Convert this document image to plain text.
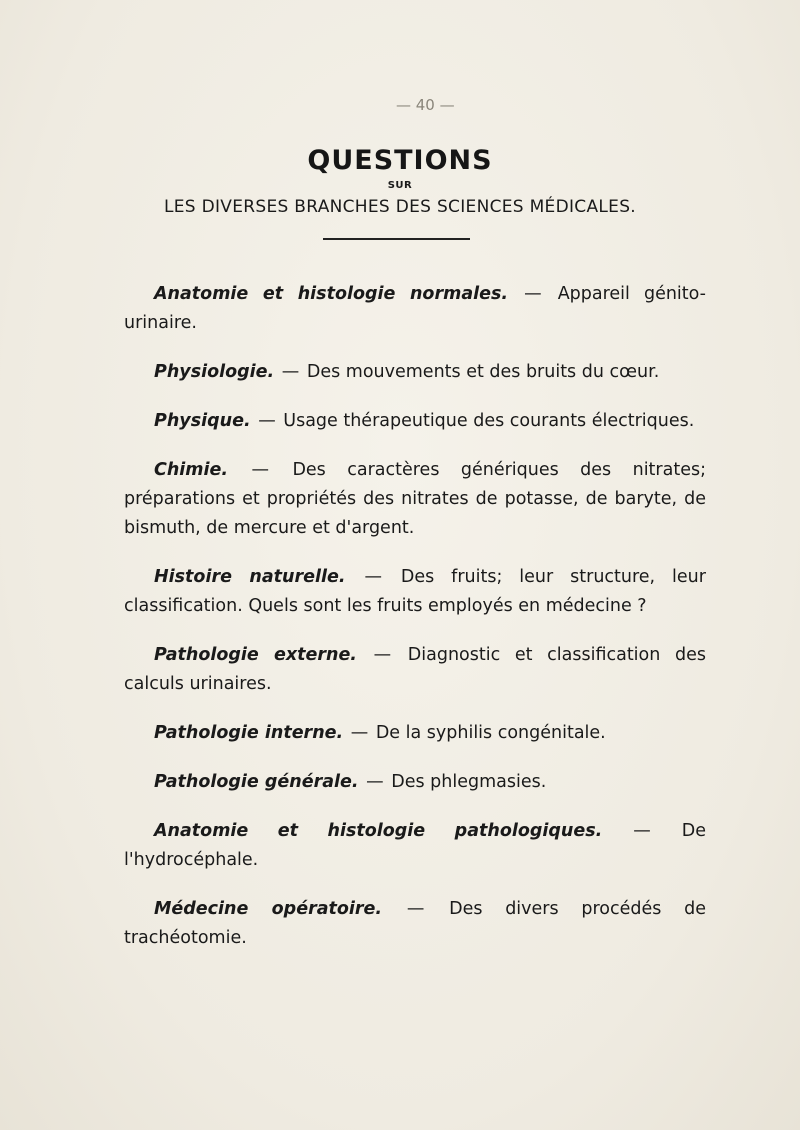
— 40 —
QUESTIONS
SUR
LES DIVERSES BRANCHES DES SCIENCES MÉDICALES.

Anatomie et histologie normales. — Appareil génito-urinaire.

Physiologie. — Des mouvements et des bruits du cœur.

Physique. — Usage thérapeutique des courants électriques.

Chimie. — Des caractères génériques des nitrates; préparations et propriétés des nitrates de potasse, de baryte, de bismuth, de mercure et d'argent.

Histoire naturelle. — Des fruits; leur structure, leur classification. Quels sont les fruits employés en médecine ?

Pathologie externe. — Diagnostic et classification des calculs urinaires.

Pathologie interne. — De la syphilis congénitale.

Pathologie générale. — Des phlegmasies.

Anatomie et histologie pathologiques. — De l'hydrocéphale.

Médecine opératoire. — Des divers procédés de trachéotomie.
